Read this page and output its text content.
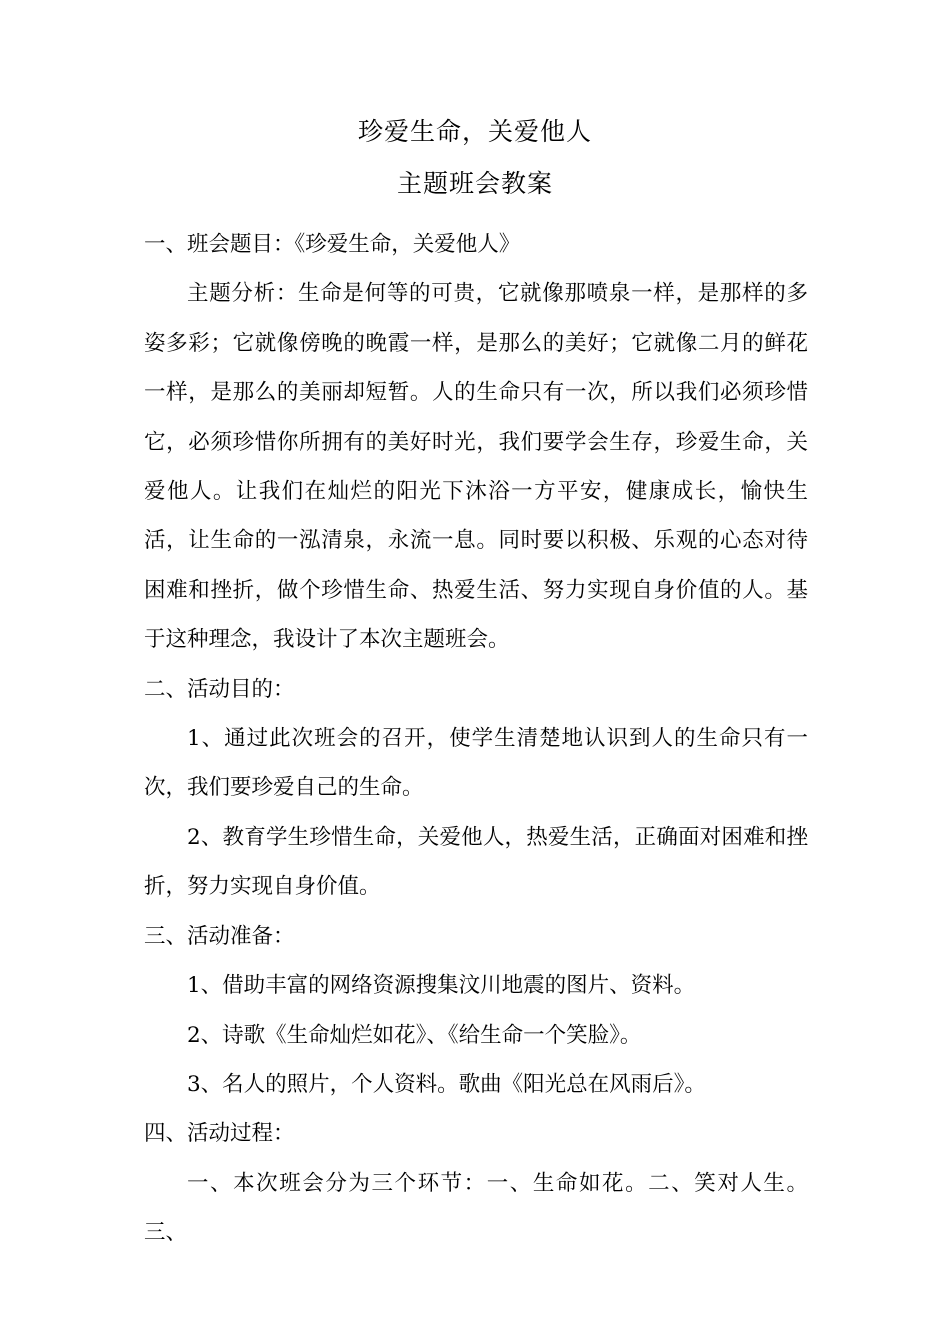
珍爱生命，关爱他人
主题班会教案

一、班会题目：《珍爱生命，关爱他人》

主题分析：生命是何等的可贵，它就像那喷泉一样，是那样的多姿多彩；它就像傍晚的晚霞一样，是那么的美好；它就像二月的鲜花一样，是那么的美丽却短暂。人的生命只有一次，所以我们必须珍惜它，必须珍惜你所拥有的美好时光，我们要学会生存，珍爱生命，关爱他人。让我们在灿烂的阳光下沐浴一方平安，健康成长，愉快生活，让生命的一泓清泉，永流一息。同时要以积极、乐观的心态对待困难和挫折，做个珍惜生命、热爱生活、努力实现自身价值的人。基于这种理念，我设计了本次主题班会。

二、活动目的：

1、通过此次班会的召开，使学生清楚地认识到人的生命只有一次，我们要珍爱自己的生命。

2、教育学生珍惜生命，关爱他人，热爱生活，正确面对困难和挫折，努力实现自身价值。

三、活动准备：

1、借助丰富的网络资源搜集汶川地震的图片、资料。

2、诗歌《生命灿烂如花》、《给生命一个笑脸》。

3、名人的照片，个人资料。歌曲《阳光总在风雨后》。

四、活动过程：

一、本次班会分为三个环节：一、生命如花。二、笑对人生。三、
